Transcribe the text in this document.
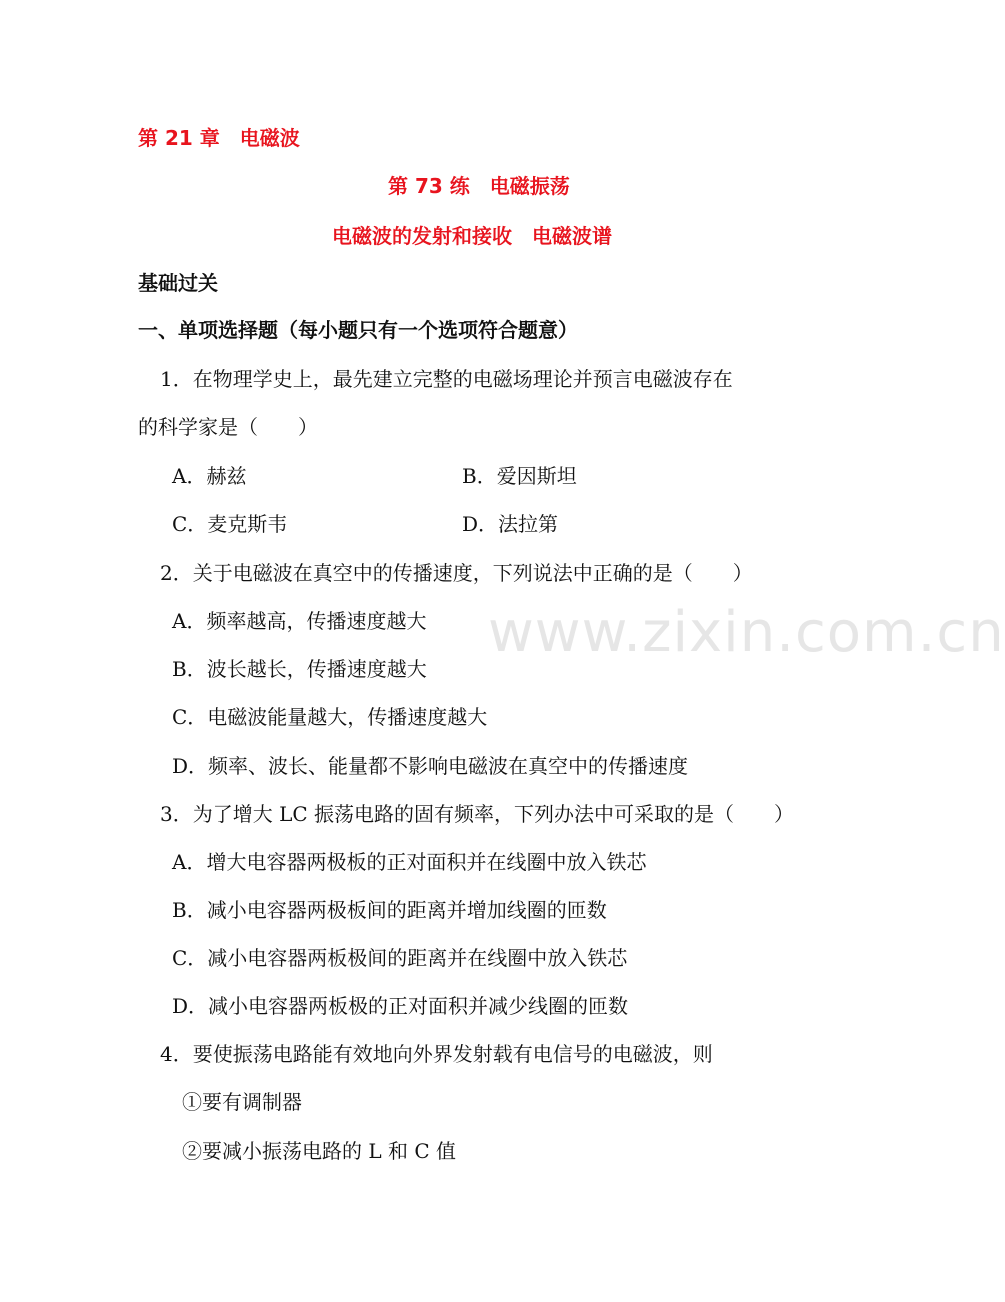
www.zixin.com.cn
第 21 章　电磁波
第 73 练　电磁振荡
电磁波的发射和接收　电磁波谱
基础过关
一、单项选择题（每小题只有一个选项符合题意）
1．在物理学史上，最先建立完整的电磁场理论并预言电磁波存在
的科学家是（　　）
A．赫兹	B．爱因斯坦
C．麦克斯韦	D．法拉第
2．关于电磁波在真空中的传播速度，下列说法中正确的是（　　）
A．频率越高，传播速度越大
B．波长越长，传播速度越大
C．电磁波能量越大，传播速度越大
D．频率、波长、能量都不影响电磁波在真空中的传播速度
3．为了增大 LC 振荡电路的固有频率，下列办法中可采取的是（　　）
A．增大电容器两极板的正对面积并在线圈中放入铁芯
B．减小电容器两极板间的距离并增加线圈的匝数
C．减小电容器两板极间的距离并在线圈中放入铁芯
D．减小电容器两板极的正对面积并减少线圈的匝数
4．要使振荡电路能有效地向外界发射载有电信号的电磁波，则
①要有调制器
②要减小振荡电路的 L 和 C 值
